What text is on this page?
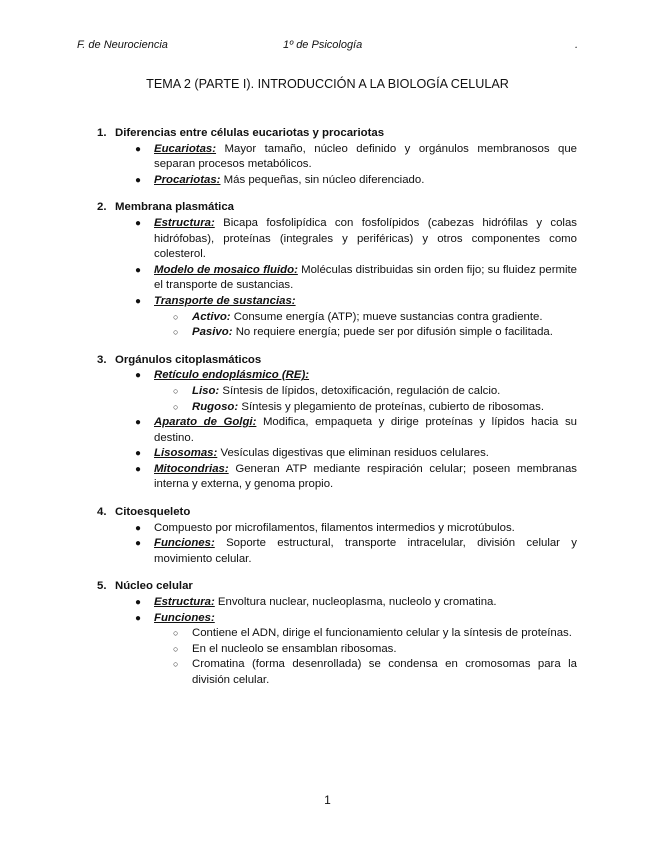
F. de Neurociencia	1º de Psicología	.
TEMA 2 (PARTE I). INTRODUCCIÓN A LA BIOLOGÍA CELULAR
1. Diferencias entre células eucariotas y procariotas
●	Eucariotas: Mayor tamaño, núcleo definido y orgánulos membranosos que separan procesos metabólicos.
●	Procariotas: Más pequeñas, sin núcleo diferenciado.
2. Membrana plasmática
●	Estructura: Bicapa fosfolipídica con fosfolípidos (cabezas hidrófilas y colas hidrófobas), proteínas (integrales y periféricas) y otros componentes como colesterol.
●	Modelo de mosaico fluido: Moléculas distribuidas sin orden fijo; su fluidez permite el transporte de sustancias.
●	Transporte de sustancias:
○	Activo: Consume energía (ATP); mueve sustancias contra gradiente.
○	Pasivo: No requiere energía; puede ser por difusión simple o facilitada.
3. Orgánulos citoplasmáticos
●	Retículo endoplásmico (RE):
○	Liso: Síntesis de lípidos, detoxificación, regulación de calcio.
○	Rugoso: Síntesis y plegamiento de proteínas, cubierto de ribosomas.
●	Aparato de Golgi: Modifica, empaqueta y dirige proteínas y lípidos hacia su destino.
●	Lisosomas: Vesículas digestivas que eliminan residuos celulares.
●	Mitocondrias: Generan ATP mediante respiración celular; poseen membranas interna y externa, y genoma propio.
4. Citoesqueleto
●	Compuesto por microfilamentos, filamentos intermedios y microtúbulos.
●	Funciones: Soporte estructural, transporte intracelular, división celular y movimiento celular.
5. Núcleo celular
●	Estructura: Envoltura nuclear, nucleoplasma, nucleolo y cromatina.
●	Funciones:
○	Contiene el ADN, dirige el funcionamiento celular y la síntesis de proteínas.
○	En el nucleolo se ensamblan ribosomas.
○	Cromatina (forma desenrollada) se condensa en cromosomas para la división celular.
1
